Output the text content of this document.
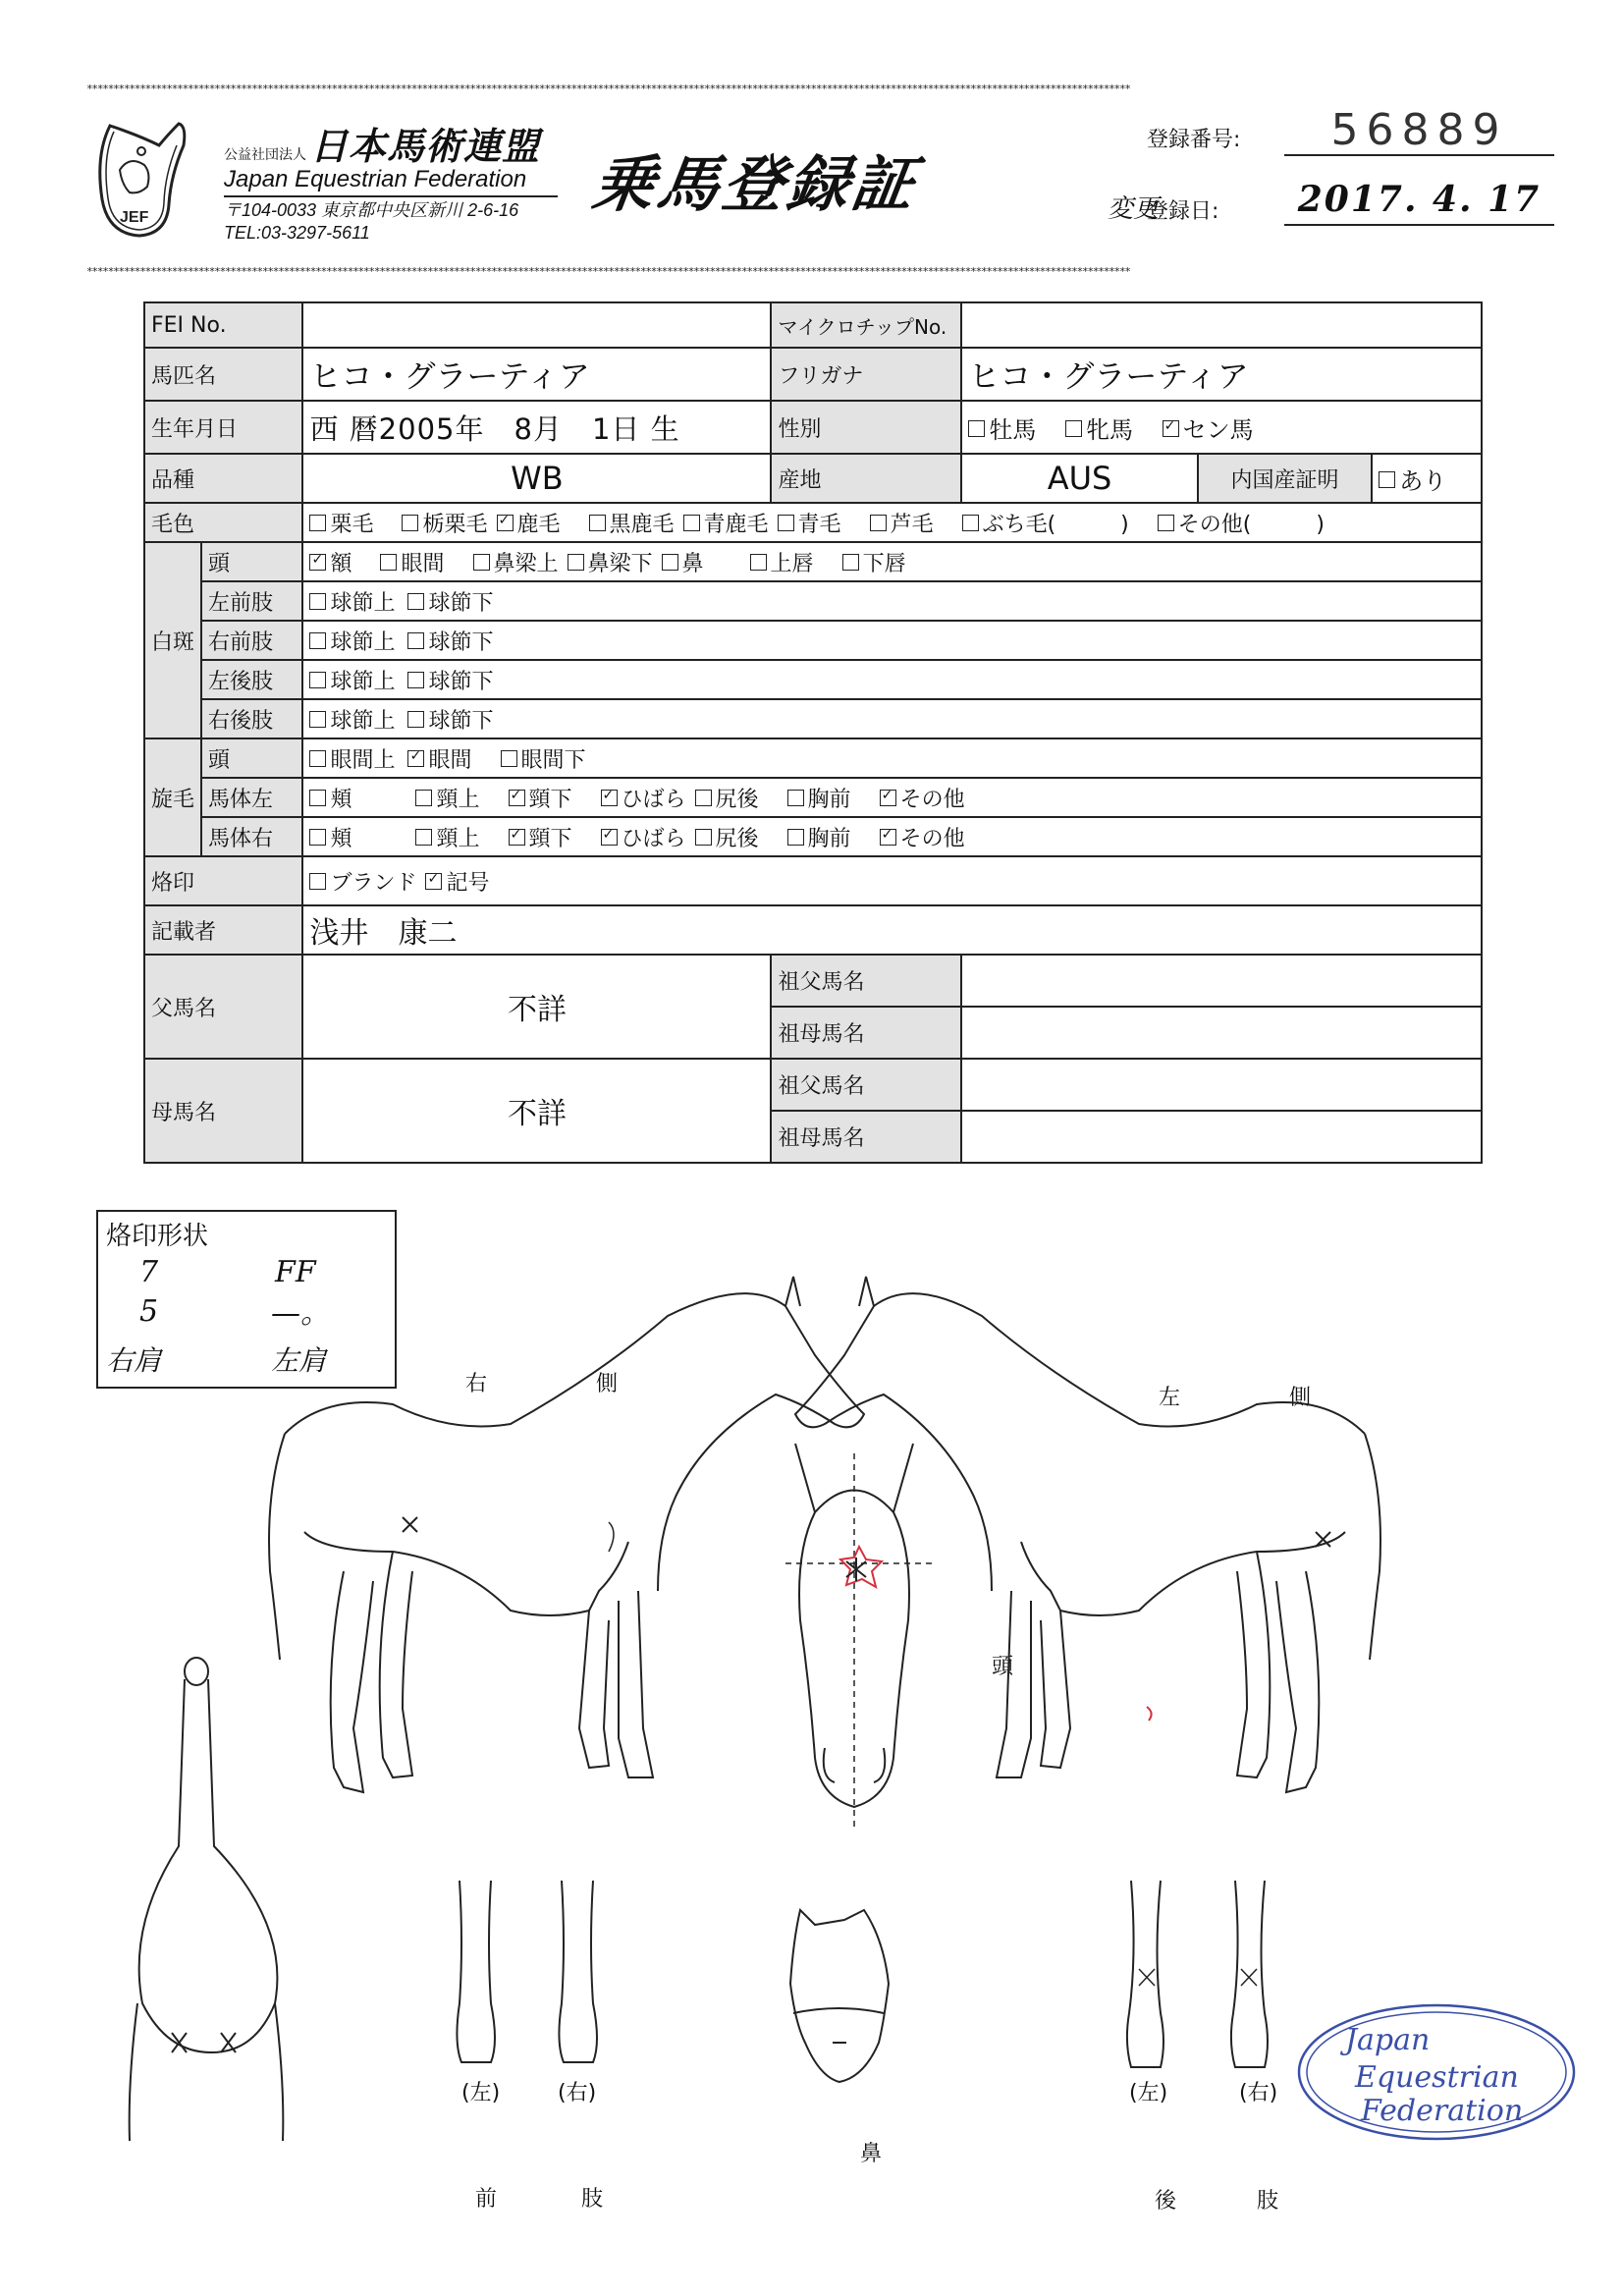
****************************************************************************************************************************************************************************************************
****************************************************************************************************************************************************************************************************
JEF
公益社団法人 日本馬術連盟
Japan Equestrian Federation
〒104-0033 東京都中央区新川 2-6-16
TEL:03-3297-5611
乗馬登録証
登録番号:	56889
変更
登録日:	2017. 4. 17
FEI No.			マイクロチップNo.			
馬匹名		ヒコ・グラーティア	フリガナ	ヒコ・グラーティア		
生年月日		西 暦2005年　8月　1日 生	性別	牡馬 牝馬 ✓ セン馬
品種		WB	産地	AUS	内国産証明	あり
毛色		栗毛 栃栗毛 ✓ 鹿毛 黒鹿毛 青鹿毛 青毛 芦毛 ぶち毛(　　　) その他(　　　)
白斑	頭	✓額 眼間 鼻梁上 鼻梁下 鼻 上唇 下唇
	左前肢	球節上 球節下				
	右前肢	球節上 球節下				
	左後肢	球節上 球節下				
	右後肢	球節上 球節下				
旋毛	頭	眼間上 ✓ 眼間 眼間下
	馬体左	頬 頸上 ✓ 頸下 ✓ ひばら 尻後 胸前 ✓ その他
	馬体右	頬 頸上 ✓ 頸下 ✓ ひばら 尻後 胸前 ✓ その他
烙印		ブランド ✓ 記号
記載者		浅井　康二				
父馬名		不詳	祖父馬名			
			祖母馬名			
母馬名		不詳	祖父馬名			
			祖母馬名			
烙印形状
7
5
右肩
FF
—。
左肩
右 側
左 側
頭
鼻
(左)	(右)
前	肢
(左)	(右)
後	肢
Japan
Equestrian
Federation
